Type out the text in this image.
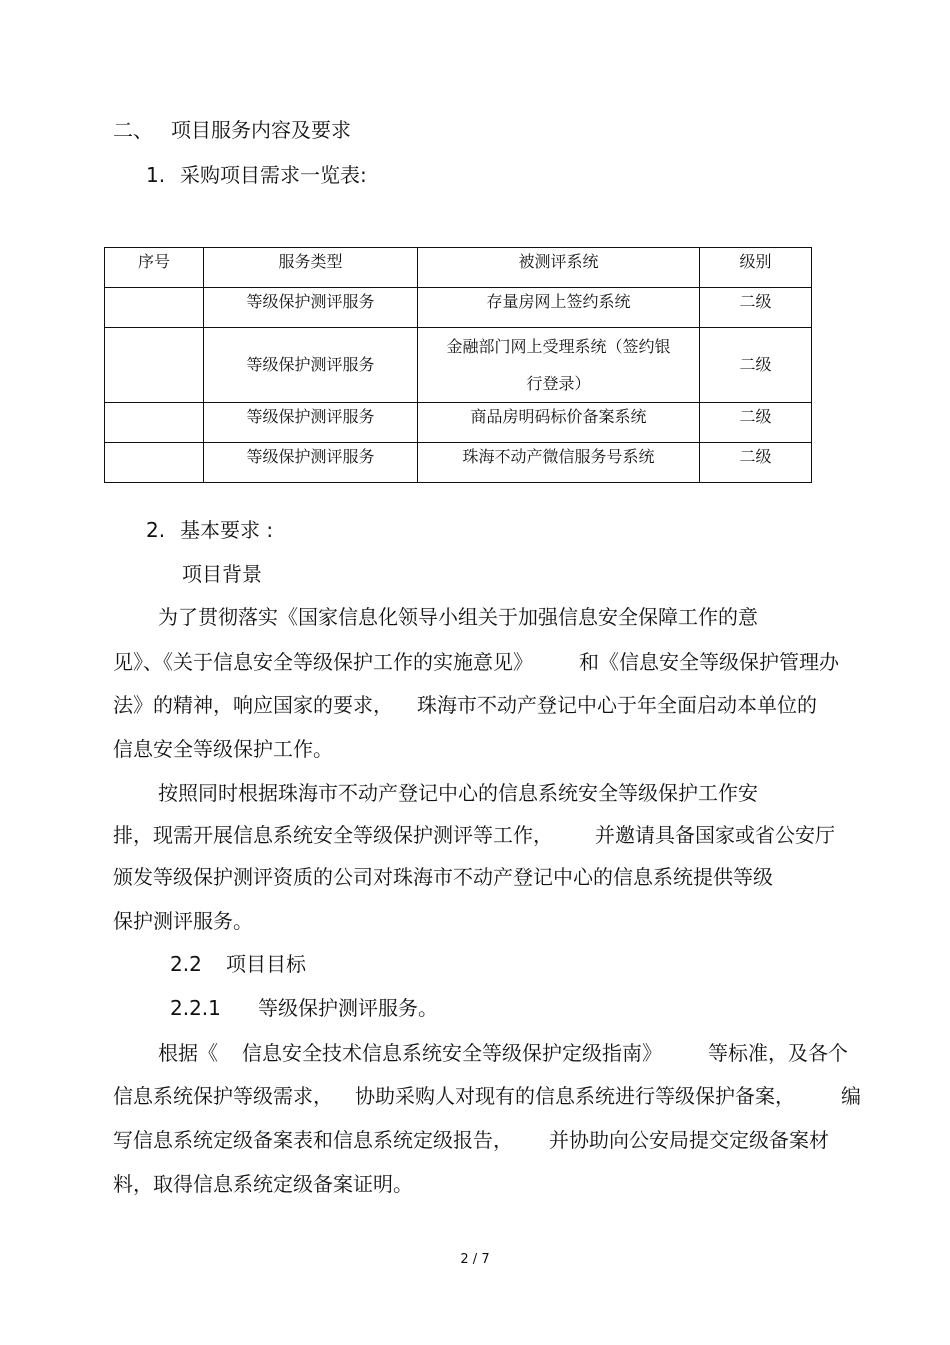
二、 项目服务内容及要求
1. 采购项目需求一览表:
序号	服务类型	被测评系统	级别
	等级保护测评服务	存量房网上签约系统	二级
	等级保护测评服务	金融部门网上受理系统（签约银
行登录）	二级
	等级保护测评服务	商品房明码标价备案系统	二级
	等级保护测评服务	珠海不动产微信服务号系统	二级
2. 基本要求 :
项目背景
为了贯彻落实《国家信息化领导小组关于加强信息安全保障工作的意
见》、《关于信息安全等级保护工作的实施意见》 和《信息安全等级保护管理办
法》的精神，响应国家的要求， 珠海市不动产登记中心于年全面启动本单位的
信息安全等级保护工作。
按照同时根据珠海市不动产登记中心的信息系统安全等级保护工作安
排，现需开展信息系统安全等级保护测评等工作， 并邀请具备国家或省公安厅
颁发等级保护测评资质的公司对珠海市不动产登记中心的信息系统提供等级
保护测评服务。
2.2 项目目标
2.2.1 等级保护测评服务。
根据《 信息安全技术信息系统安全等级保护定级指南》 等标准，及各个
信息系统保护等级需求， 协助采购人对现有的信息系统进行等级保护备案， 编
写信息系统定级备案表和信息系统定级报告， 并协助向公安局提交定级备案材
料，取得信息系统定级备案证明。
2 / 7
